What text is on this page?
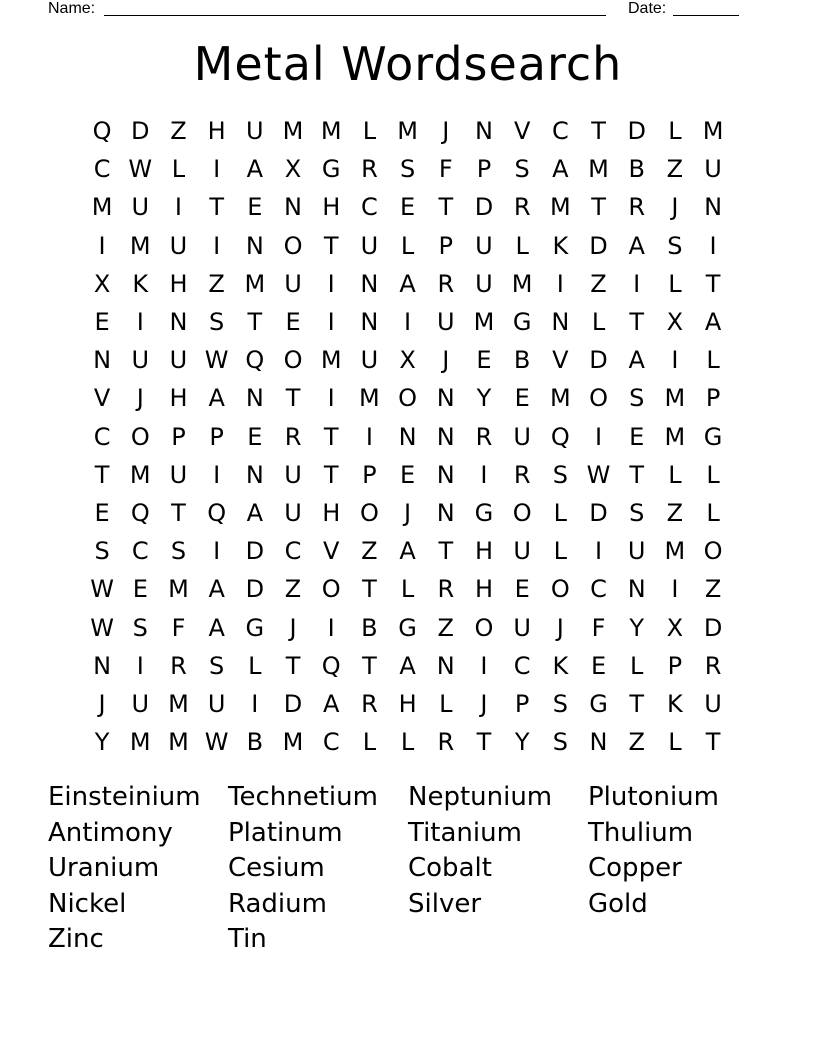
Name:	Date:
Metal Wordsearch
Q D Z H U M M L M	J	N V C T D L M
C W L	I	A X G R S F	P S A M B Z U
M U	I	T E N H C E T D R M T R	J	N
I	M U	I	N O T U L	P U L K D A S	I
X K H Z M U	I	N A R U M	I	Z	I	L	T
E	I	N S T E	I	N	I	U M G N L	T X A
N U U W Q O M U X	J	E B V D A	I	L
V	J	H A N T	I	M O N Y E M O S M P
C O P P E R T	I	N N R U Q	I	E M G
T M U	I	N U T P E N	I	R S W T	L	L
E Q T Q A U H O	J	N G O L D S Z L
S C S	I	D C V Z A T H U L	I	U M O
W E M A D Z O T	L R H E O C N	I	Z
W S F A G	J	I	B G Z O U	J	F Y X D
N	I	R S L	T Q T A N	I	C K E L	P R
J	U M U	I	D A R H L	J	P S G T K U
Y M M W B M C L	L R T Y S N Z L	T
Einsteinium	Technetium	Neptunium	Plutonium
Antimony	Platinum	Titanium	Thulium
Uranium	Cesium	Cobalt	Copper
Nickel	Radium	Silver	Gold
Zinc	Tin
